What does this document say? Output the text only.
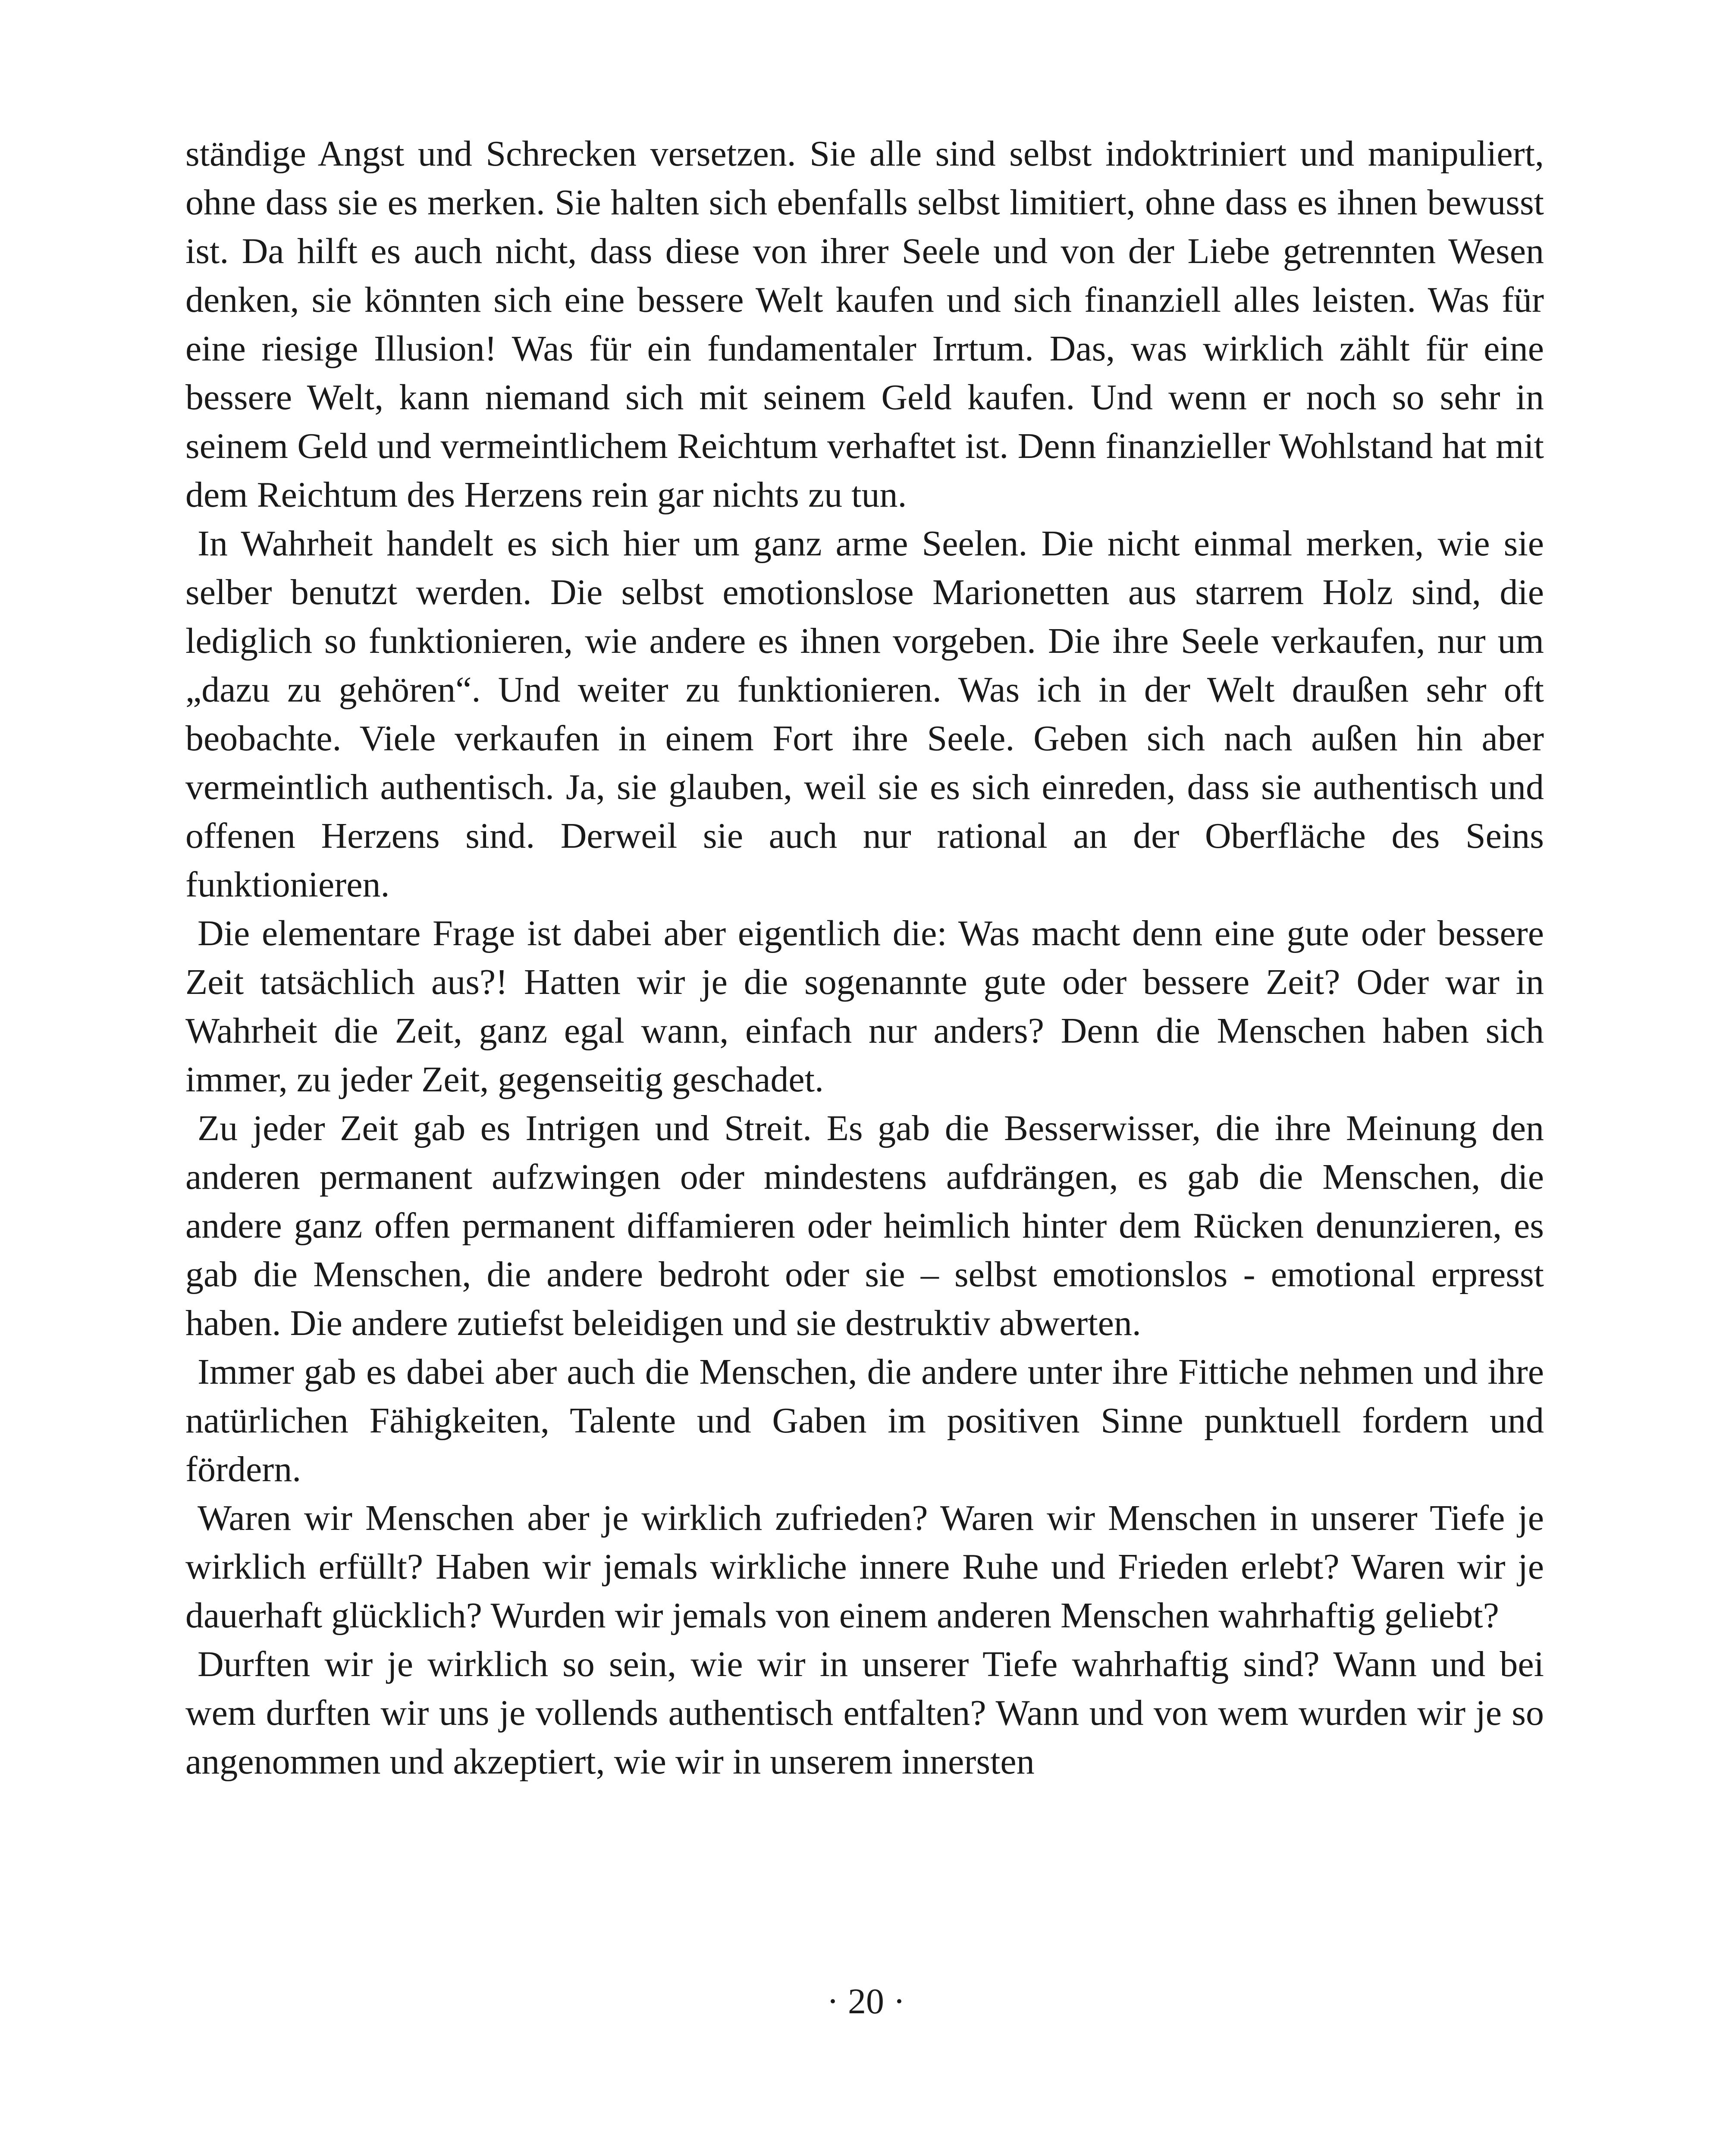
ständige Angst und Schrecken versetzen. Sie alle sind selbst indoktriniert und manipuliert, ohne dass sie es merken. Sie halten sich ebenfalls selbst limitiert, ohne dass es ihnen bewusst ist. Da hilft es auch nicht, dass diese von ihrer Seele und von der Liebe getrennten Wesen denken, sie könnten sich eine bessere Welt kaufen und sich finanziell alles leisten. Was für eine riesige Illusion! Was für ein fundamentaler Irrtum. Das, was wirklich zählt für eine bessere Welt, kann niemand sich mit seinem Geld kaufen. Und wenn er noch so sehr in seinem Geld und vermeintlichem Reichtum verhaftet ist. Denn finanzieller Wohlstand hat mit dem Reichtum des Herzens rein gar nichts zu tun.

In Wahrheit handelt es sich hier um ganz arme Seelen. Die nicht einmal merken, wie sie selber benutzt werden. Die selbst emotionslose Marionetten aus starrem Holz sind, die lediglich so funktionieren, wie andere es ihnen vorgeben. Die ihre Seele verkaufen, nur um „dazu zu gehören“. Und weiter zu funktionieren. Was ich in der Welt draußen sehr oft beobachte. Viele verkaufen in einem Fort ihre Seele. Geben sich nach außen hin aber vermeintlich authentisch. Ja, sie glauben, weil sie es sich einreden, dass sie authentisch und offenen Herzens sind. Derweil sie auch nur rational an der Oberfläche des Seins funktionieren.

Die elementare Frage ist dabei aber eigentlich die: Was macht denn eine gute oder bessere Zeit tatsächlich aus?! Hatten wir je die sogenannte gute oder bessere Zeit? Oder war in Wahrheit die Zeit, ganz egal wann, einfach nur anders? Denn die Menschen haben sich immer, zu jeder Zeit, gegenseitig geschadet.

Zu jeder Zeit gab es Intrigen und Streit. Es gab die Besserwisser, die ihre Meinung den anderen permanent aufzwingen oder mindestens aufdrängen, es gab die Menschen, die andere ganz offen permanent diffamieren oder heimlich hinter dem Rücken denunzieren, es gab die Menschen, die andere bedroht oder sie – selbst emotionslos - emotional erpresst haben. Die andere zutiefst beleidigen und sie destruktiv abwerten.

Immer gab es dabei aber auch die Menschen, die andere unter ihre Fittiche nehmen und ihre natürlichen Fähigkeiten, Talente und Gaben im positiven Sinne punktuell fordern und fördern.

Waren wir Menschen aber je wirklich zufrieden? Waren wir Menschen in unserer Tiefe je wirklich erfüllt? Haben wir jemals wirkliche innere Ruhe und Frieden erlebt? Waren wir je dauerhaft glücklich? Wurden wir jemals von einem anderen Menschen wahrhaftig geliebt?

Durften wir je wirklich so sein, wie wir in unserer Tiefe wahrhaftig sind? Wann und bei wem durften wir uns je vollends authentisch entfalten? Wann und von wem wurden wir je so angenommen und akzeptiert, wie wir in unserem innersten

· 20 ·
